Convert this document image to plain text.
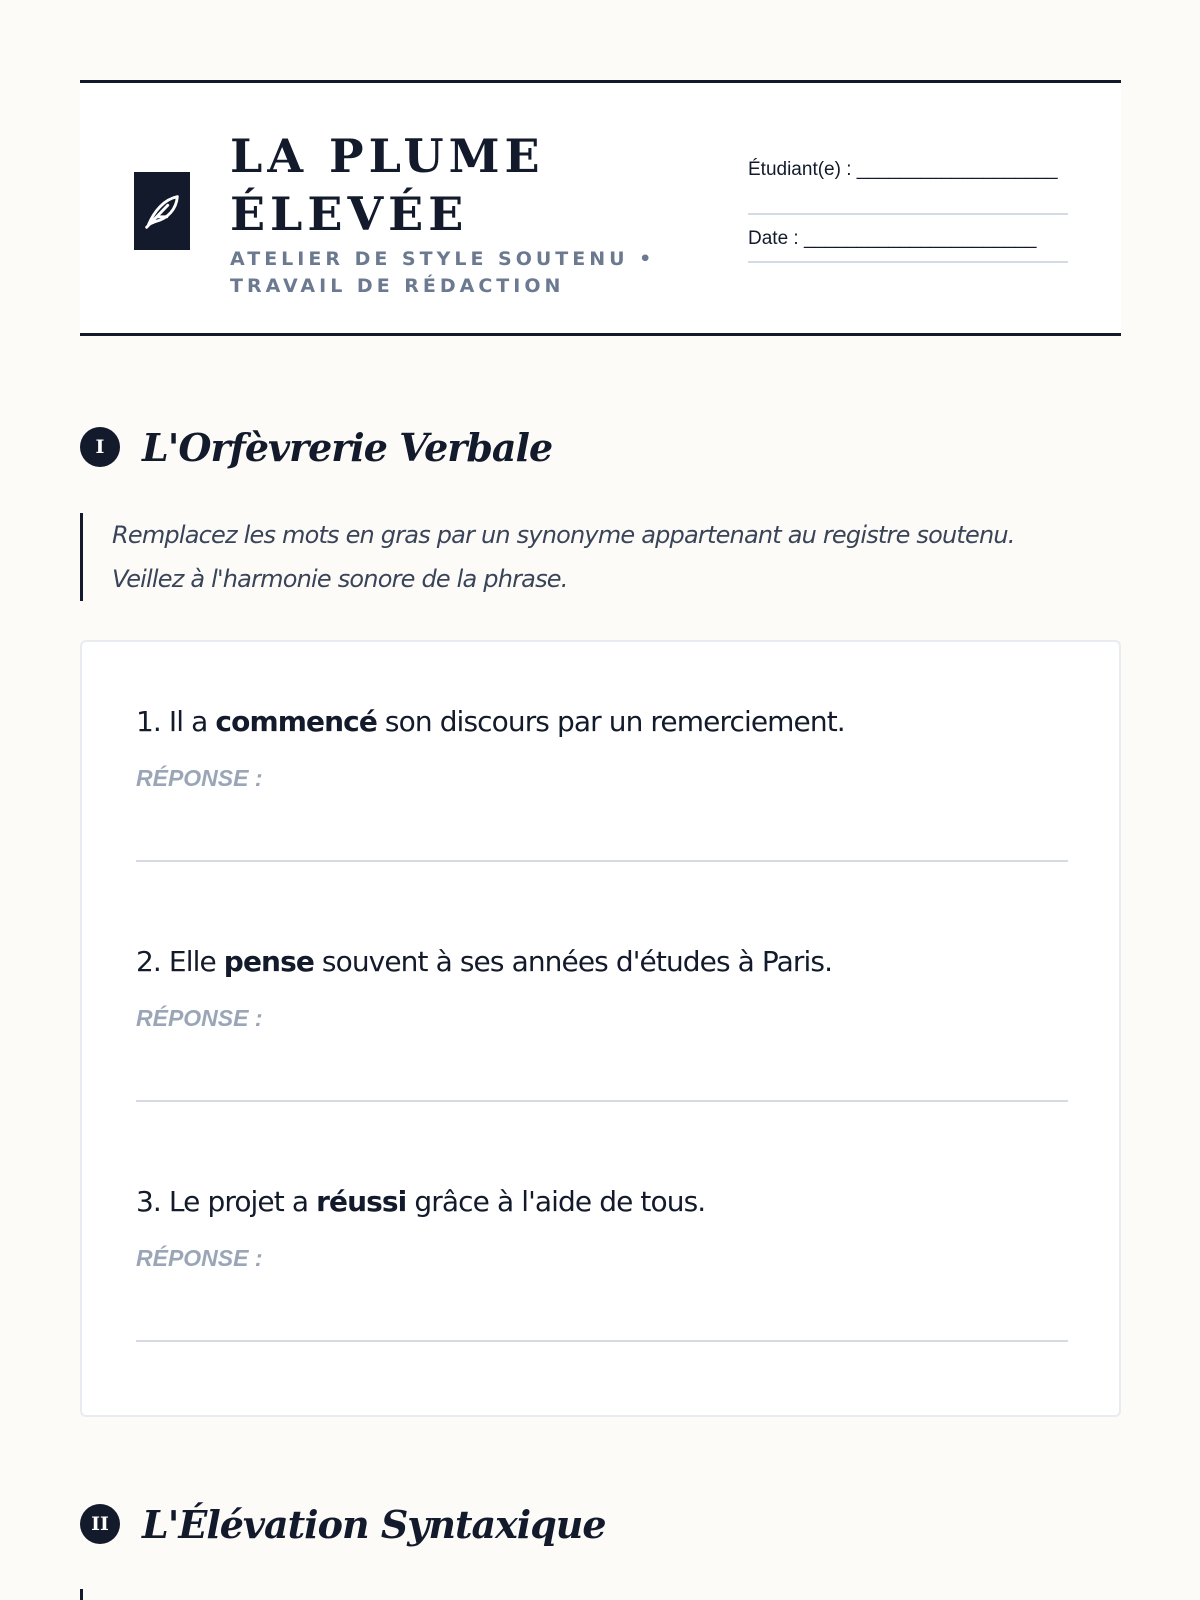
LA PLUME
ÉLEVÉE

ATELIER DE STYLE SOUTENU •
TRAVAIL DE RÉDACTION

Étudiant(e) : ___________________
Date : ______________________
I L'Orfèvrerie Verbale

Remplacez les mots en gras par un synonyme appartenant au registre soutenu.
Veillez à l'harmonie sonore de la phrase.

1. Il a commencé son discours par un remerciement.

RÉPONSE :

2. Elle pense souvent à ses années d'études à Paris.

RÉPONSE :

3. Le projet a réussi grâce à l'aide de tous.

RÉPONSE :

II L'Élévation Syntaxique
